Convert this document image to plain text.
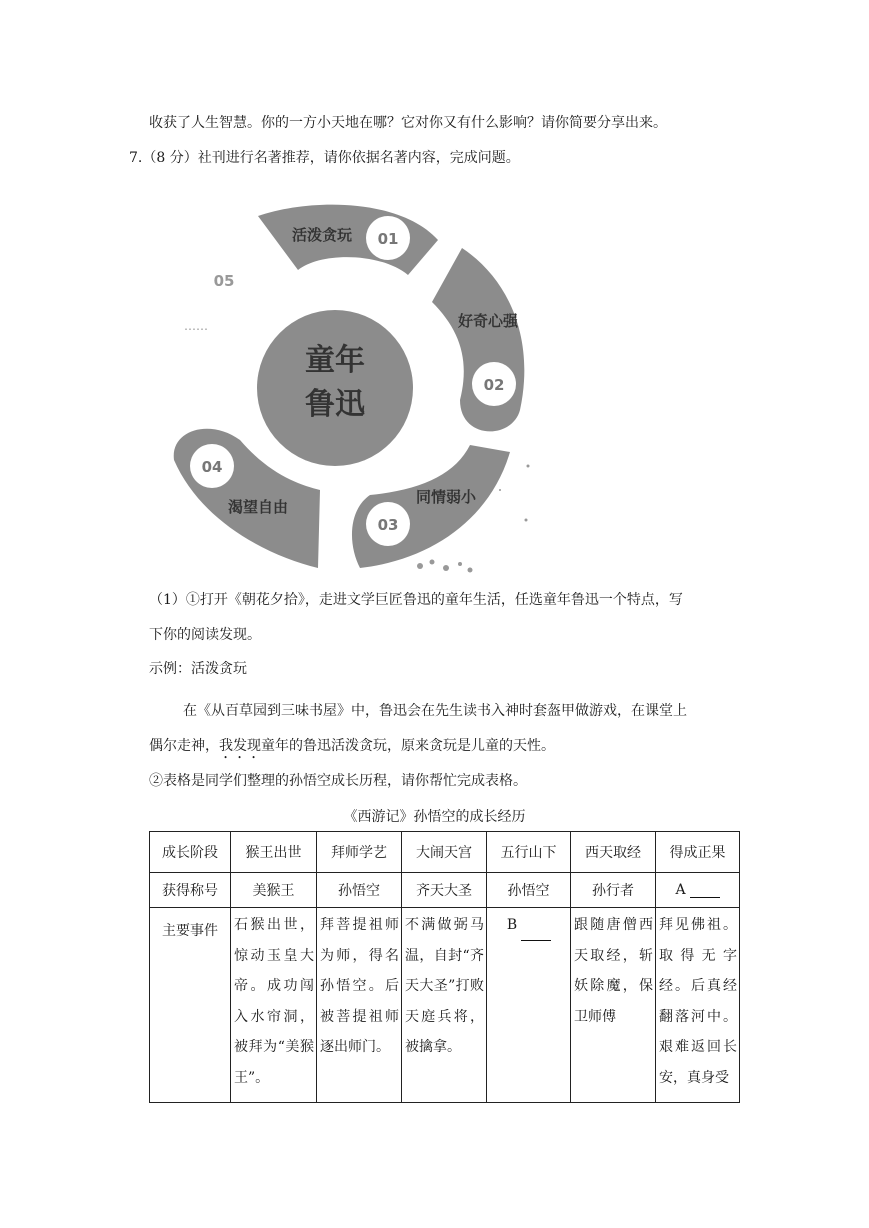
收获了人生智慧。你的一方小天地在哪？它对你又有什么影响？请你简要分享出来。
7.（8 分）社刊进行名著推荐，请你依据名著内容，完成问题。
活泼贪玩 01
好奇心强
02
同情弱小
03
渴望自由
04
童年
鲁迅
05
……
（1）①打开《朝花夕拾》，走进文学巨匠鲁迅的童年生活，任选童年鲁迅一个特点，写
下你的阅读发现。
示例：活泼贪玩
在《从百草园到三味书屋》中，鲁迅会在先生读书入神时套盔甲做游戏，在课堂上
偶尔走神，我发现童年的鲁迅活泼贪玩，原来贪玩是儿童的天性。
②表格是同学们整理的孙悟空成长历程，请你帮忙完成表格。
《西游记》孙悟空的成长经历
成长阶段	猴王出世	拜师学艺	大闹天宫	五行山下	西天取经	得成正果
获得称号	美猴王	孙悟空	齐天大圣	孙悟空	孙行者	A

主要事件	石猴出世，惊动玉皇大帝。成功闯入水帘洞，被拜为“美猴王”。	拜菩提祖师为师，得名孙悟空。后被菩提祖师逐出师门。	不满做弼马温，自封“齐天大圣”打败天庭兵将，被擒拿。	B	跟随唐僧西天取经，斩妖除魔，保卫师傅	拜见佛祖。取得无字经。后真经翻落河中。艰难返回长安，真身受
